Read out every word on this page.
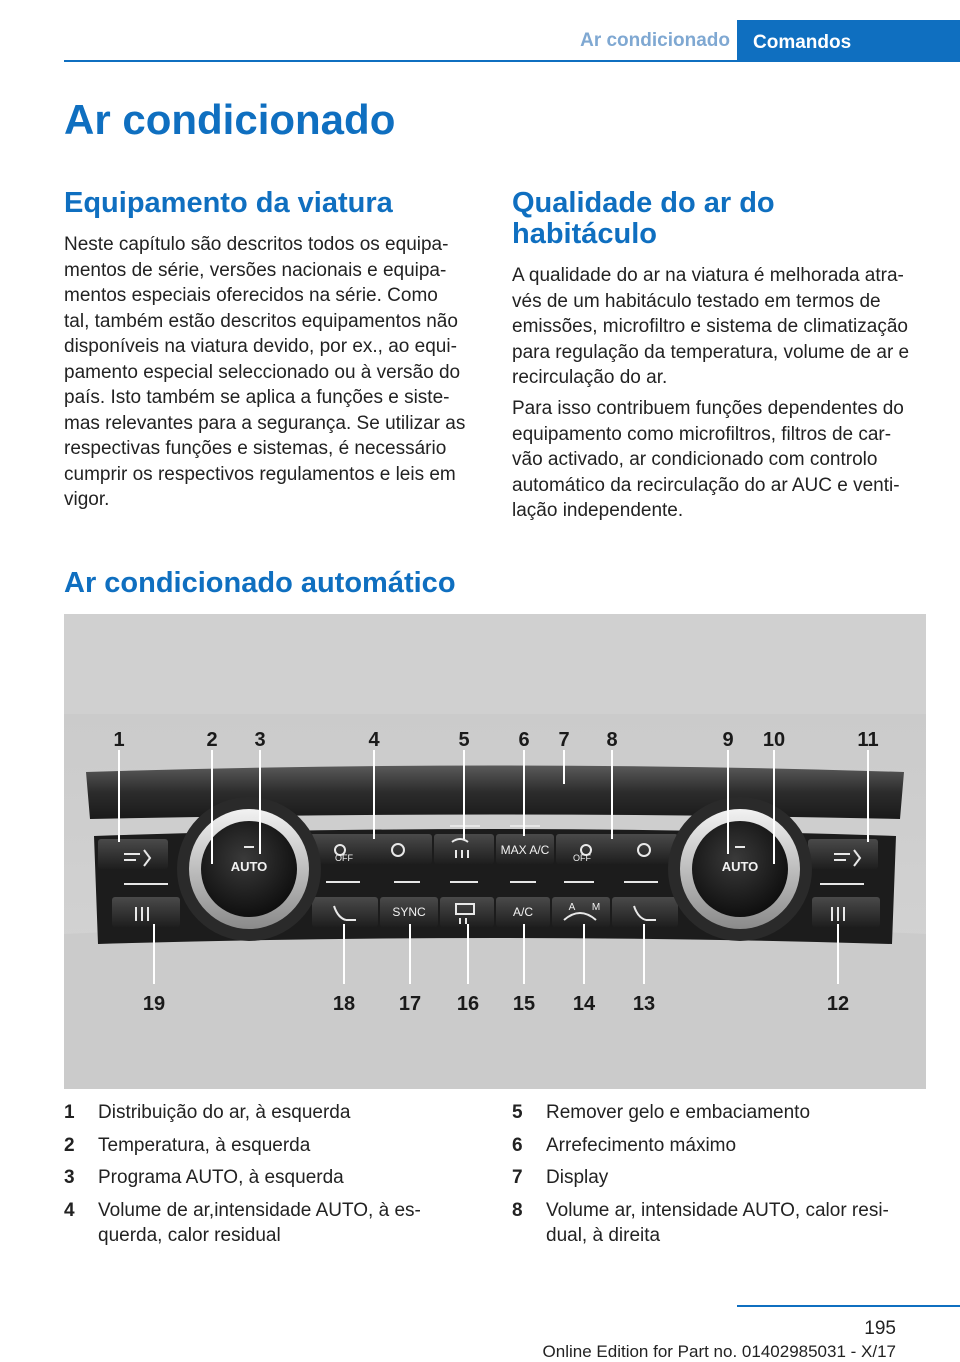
Ar condicionado	Comandos
Ar condicionado
Equipamento da viatura
Neste capítulo são descritos todos os equipa‐
mentos de série, versões nacionais e equipa‐
mentos especiais oferecidos na série. Como
tal, também estão descritos equipamentos não
disponíveis na viatura devido, por ex., ao equi‐
pamento especial seleccionado ou à versão do
país. Isto também se aplica a funções e siste‐
mas relevantes para a segurança. Se utilizar as
respectivas funções e sistemas, é necessário
cumprir os respectivos regulamentos e leis em
vigor.
Qualidade do ar do
habitáculo
A qualidade do ar na viatura é melhorada atra‐
vés de um habitáculo testado em termos de
emissões, microfiltro e sistema de climatização
para regulação da temperatura, volume de ar e
recirculação do ar.
Para isso contribuem funções dependentes do
equipamento como microfiltros, filtros de car‐
vão activado, ar condicionado com controlo
automático da recirculação do ar AUC e venti‐
lação independente.
Ar condicionado automático
AUTO	AUTO
OFF
MAX A/C
OFF
SYNC	A/C	A M
1	2 3	4	5 6 7 8	9 10	11
19	18 17 16 15 14 13	12
1	Distribuição do ar, à esquerda
2	Temperatura, à esquerda
3	Programa AUTO, à esquerda
4	Volume de ar,intensidade AUTO, à es‐
querda, calor residual
5	Remover gelo e embaciamento
6	Arrefecimento máximo
7	Display
8	Volume ar, intensidade AUTO, calor resi‐
dual, à direita
195
Online Edition for Part no. 01402985031 - X/17
